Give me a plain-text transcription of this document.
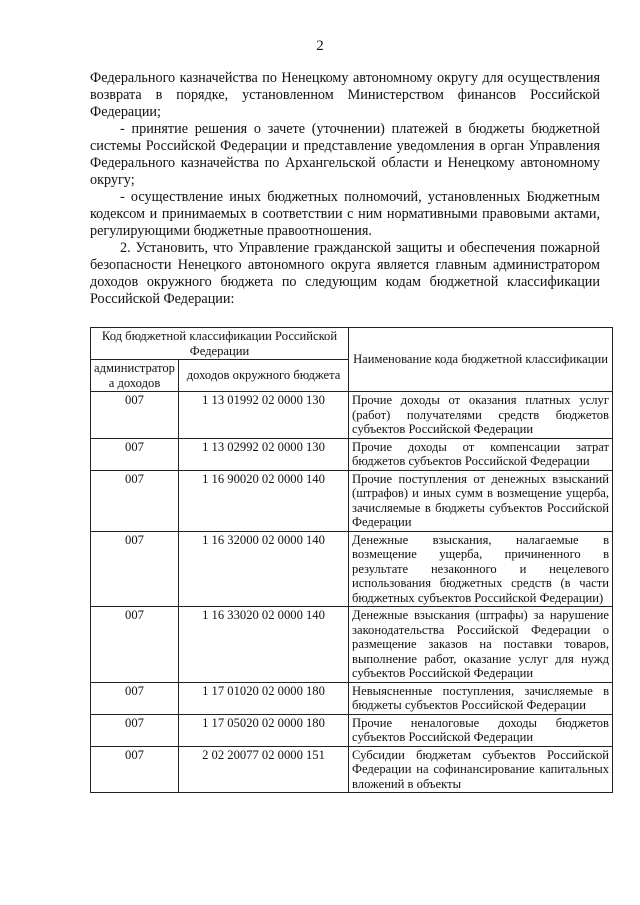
2

Федерального казначейства по Ненецкому автономному округу для осуществления возврата в порядке, установленном Министерством финансов Российской Федерации;

- принятие решения о зачете (уточнении) платежей в бюджеты бюджетной системы Российской Федерации и представление уведомления в орган Управления Федерального казначейства по Архангельской области и Ненецкому автономному округу;

- осуществление иных бюджетных полномочий, установленных Бюджетным кодексом и принимаемых в соответствии с ним нормативными правовыми актами, регулирующими бюджетные правоотношения.

2. Установить, что Управление гражданской защиты и обеспечения пожарной безопасности Ненецкого автономного округа является главным администратором доходов окружного бюджета по следующим кодам бюджетной классификации Российской Федерации:

Код бюджетной классификации Российской Федерации		Наименование кода бюджетной классификации
администратор а доходов	доходов окружного бюджета	
007	1 13 01992 02 0000 130	Прочие доходы от оказания платных услуг (работ) получателями средств бюджетов субъектов Российской Федерации
007	1 13 02992 02 0000 130	Прочие доходы от компенсации затрат бюджетов субъектов Российской Федерации
007	1 16 90020 02 0000 140	Прочие поступления от денежных взысканий (штрафов) и иных сумм в возмещение ущерба, зачисляемые в бюджеты субъектов Российской Федерации
007	1 16 32000 02 0000 140	Денежные взыскания, налагаемые в возмещение ущерба, причиненного в результате незаконного и нецелевого использования бюджетных средств (в части бюджетных субъектов Российской Федерации)
007	1 16 33020 02 0000 140	Денежные взыскания (штрафы) за нарушение законодательства Российской Федерации о размещение заказов на поставки товаров, выполнение работ, оказание услуг для нужд субъектов Российской Федерации
007	1 17 01020 02 0000 180	Невыясненные поступления, зачисляемые в бюджеты субъектов Российской Федерации
007	1 17 05020 02 0000 180	Прочие неналоговые доходы бюджетов субъектов Российской Федерации
007	2 02 20077 02 0000 151	Субсидии бюджетам субъектов Российской Федерации на софинансирование капитальных вложений в объекты
